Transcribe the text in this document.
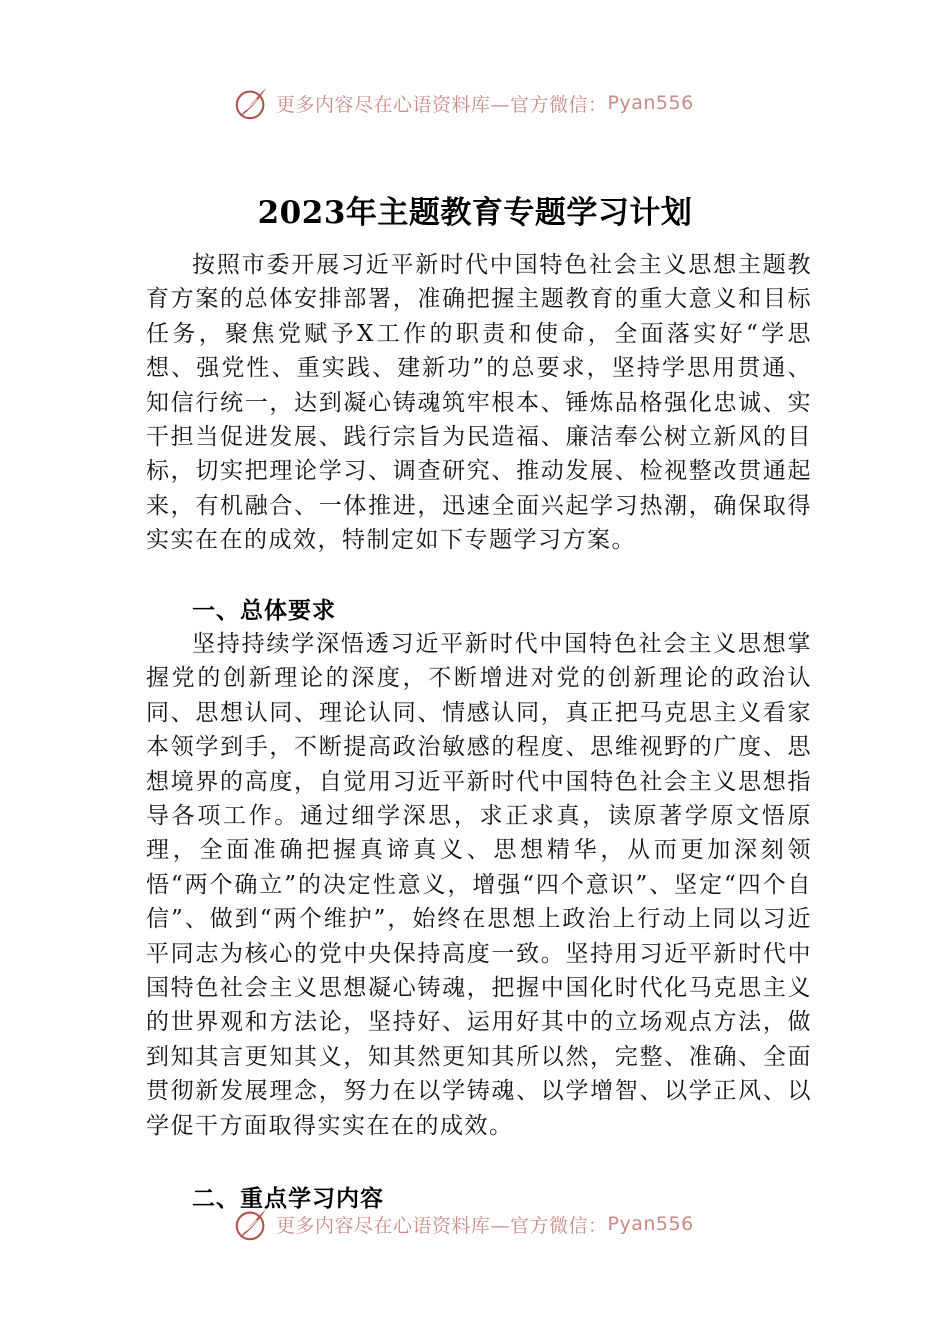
更多内容尽在心语资料库—官方微信： Pyan556
2023年主题教育专题学习计划

按照市委开展习近平新时代中国特色社会主义思想主题教育方案的总体安排部署，准确把握主题教育的重大意义和目标任务，聚焦党赋予X工作的职责和使命，全面落实好“学思想、强党性、重实践、建新功”的总要求，坚持学思用贯通、知信行统一，达到凝心铸魂筑牢根本、锤炼品格强化忠诚、实干担当促进发展、践行宗旨为民造福、廉洁奉公树立新风的目标，切实把理论学习、调查研究、推动发展、检视整改贯通起来，有机融合、一体推进，迅速全面兴起学习热潮，确保取得实实在在的成效，特制定如下专题学习方案。

一、总体要求

坚持持续学深悟透习近平新时代中国特色社会主义思想掌握党的创新理论的深度，不断增进对党的创新理论的政治认同、思想认同、理论认同、情感认同，真正把马克思主义看家本领学到手，不断提高政治敏感的程度、思维视野的广度、思想境界的高度，自觉用习近平新时代中国特色社会主义思想指导各项工作。通过细学深思，求正求真，读原著学原文悟原理，全面准确把握真谛真义、思想精华，从而更加深刻领悟“两个确立”的决定性意义，增强“四个意识”、坚定“四个自信”、做到“两个维护”，始终在思想上政治上行动上同以习近平同志为核心的党中央保持高度一致。坚持用习近平新时代中国特色社会主义思想凝心铸魂，把握中国化时代化马克思主义的世界观和方法论，坚持好、运用好其中的立场观点方法，做到知其言更知其义，知其然更知其所以然，完整、准确、全面贯彻新发展理念，努力在以学铸魂、以学增智、以学正风、以学促干方面取得实实在在的成效。

二、重点学习内容
更多内容尽在心语资料库—官方微信： Pyan556
